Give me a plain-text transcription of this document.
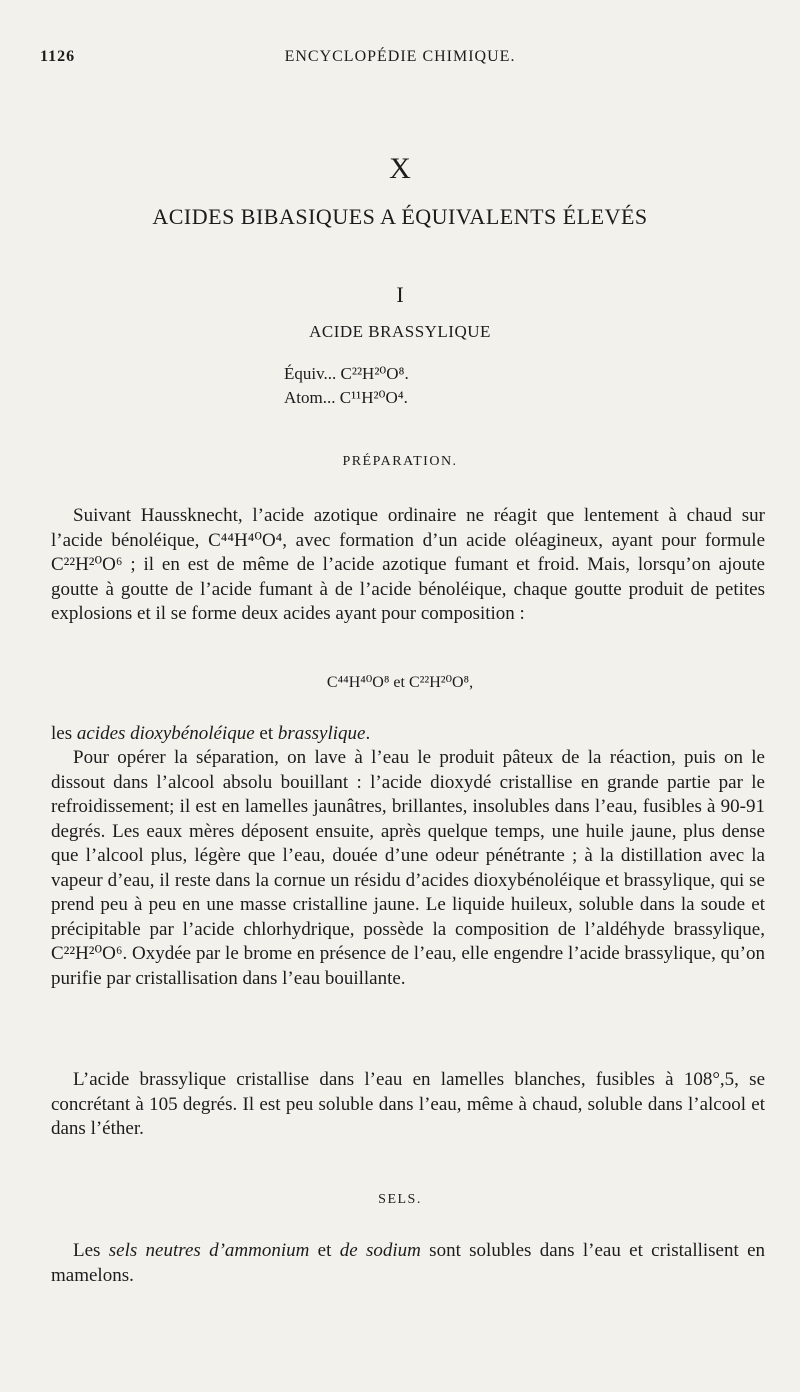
1126	ENCYCLOPÉDIE CHIMIQUE.
X
ACIDES BIBASIQUES A ÉQUIVALENTS ÉLEVÉS
I
ACIDE BRASSYLIQUE
Équiv... C²²H²⁰O⁸.
Atom... C¹¹H²⁰O⁴.
PRÉPARATION.

Suivant Haussknecht, l’acide azotique ordinaire ne réagit que lentement à chaud sur l’acide bénoléique, C⁴⁴H⁴⁰O⁴, avec formation d’un acide oléagineux, ayant pour formule C²²H²⁰O⁶ ; il en est de même de l’acide azotique fumant et froid. Mais, lorsqu’on ajoute goutte à goutte de l’acide fumant à de l’acide bénoléique, chaque goutte produit de petites explosions et il se forme deux acides ayant pour composition :

C⁴⁴H⁴⁰O⁸ et C²²H²⁰O⁸,

les acides dioxybénoléique et brassylique.

Pour opérer la séparation, on lave à l’eau le produit pâteux de la réaction, puis on le dissout dans l’alcool absolu bouillant : l’acide dioxydé cristallise en grande partie par le refroidissement; il est en lamelles jaunâtres, brillantes, insolubles dans l’eau, fusibles à 90-91 degrés. Les eaux mères déposent ensuite, après quelque temps, une huile jaune, plus dense que l’alcool plus, légère que l’eau, douée d’une odeur pénétrante ; à la distillation avec la vapeur d’eau, il reste dans la cornue un résidu d’acides dioxybénoléique et brassylique, qui se prend peu à peu en une masse cristalline jaune. Le liquide huileux, soluble dans la soude et précipitable par l’acide chlorhydrique, possède la composition de l’aldéhyde brassylique, C²²H²⁰O⁶. Oxydée par le brome en présence de l’eau, elle engendre l’acide brassylique, qu’on purifie par cristallisation dans l’eau bouillante.

L’acide brassylique cristallise dans l’eau en lamelles blanches, fusibles à 108°,5, se concrétant à 105 degrés. Il est peu soluble dans l’eau, même à chaud, soluble dans l’alcool et dans l’éther.

SELS.

Les sels neutres d’ammonium et de sodium sont solubles dans l’eau et cristallisent en mamelons.
